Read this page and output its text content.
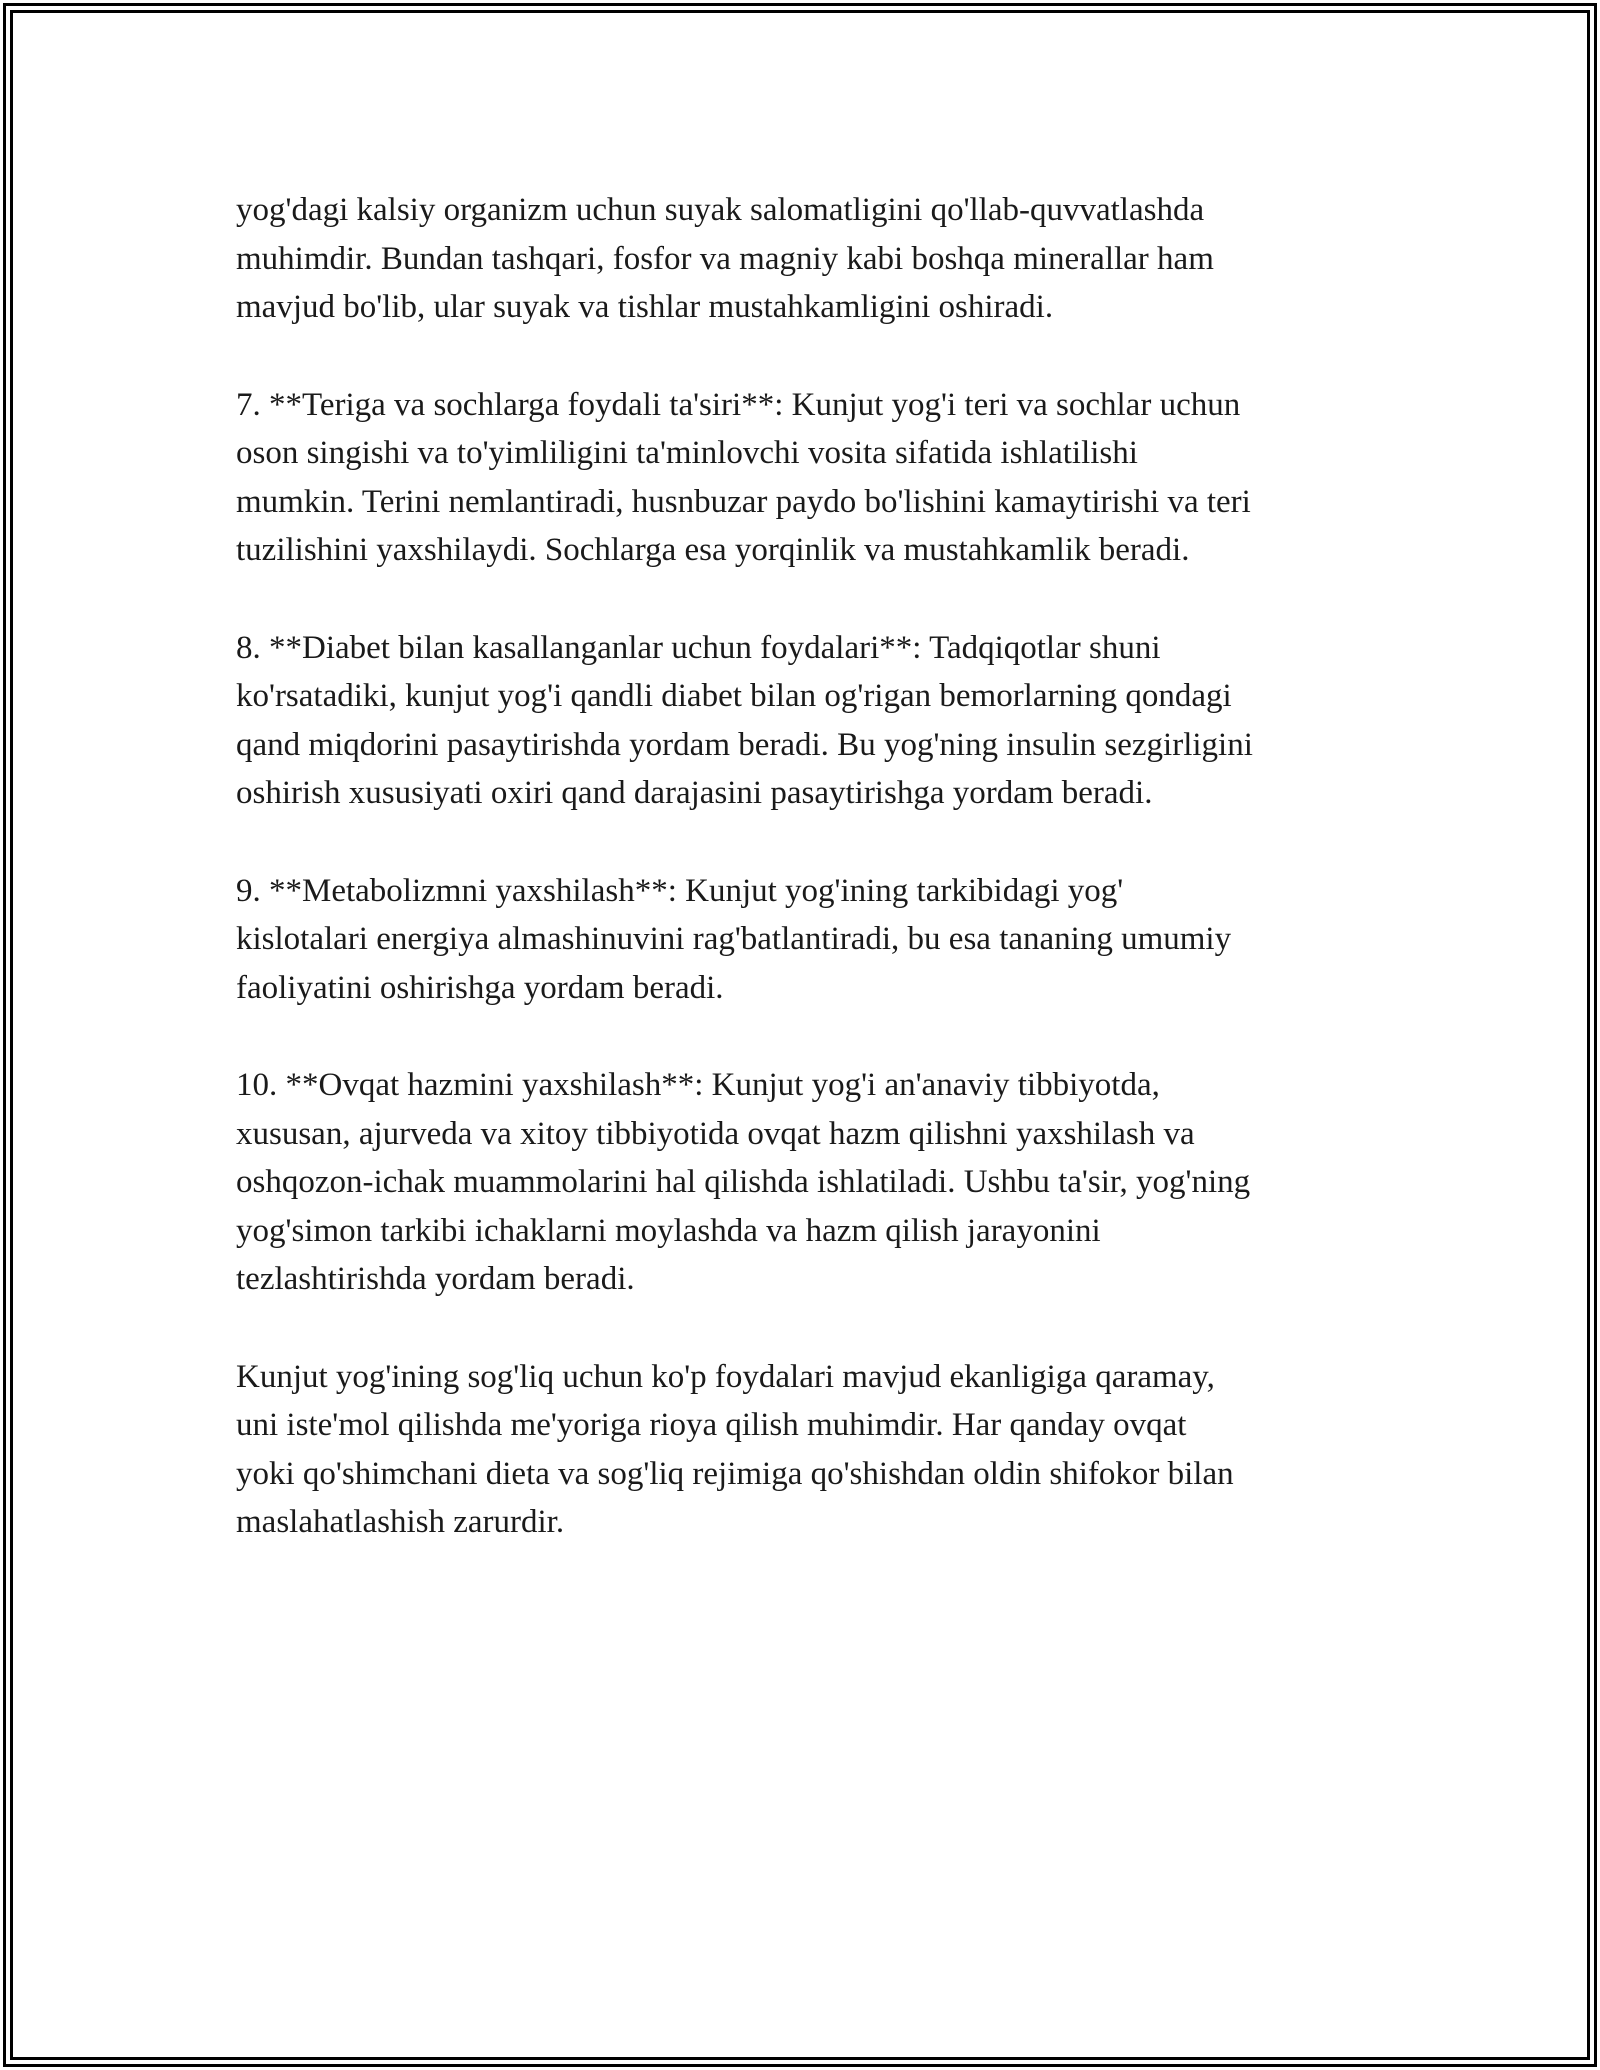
yog'dagi kalsiy organizm uchun suyak salomatligini qo'llab-quvvatlashda
muhimdir. Bundan tashqari, fosfor va magniy kabi boshqa minerallar ham
mavjud bo'lib, ular suyak va tishlar mustahkamligini oshiradi.

7. **Teriga va sochlarga foydali ta'siri**: Kunjut yog'i teri va sochlar uchun
oson singishi va to'yimliligini ta'minlovchi vosita sifatida ishlatilishi
mumkin. Terini nemlantiradi, husnbuzar paydo bo'lishini kamaytirishi va teri
tuzilishini yaxshilaydi. Sochlarga esa yorqinlik va mustahkamlik beradi.

8. **Diabet bilan kasallanganlar uchun foydalari**: Tadqiqotlar shuni
ko'rsatadiki, kunjut yog'i qandli diabet bilan og'rigan bemorlarning qondagi
qand miqdorini pasaytirishda yordam beradi. Bu yog'ning insulin sezgirligini
oshirish xususiyati oxiri qand darajasini pasaytirishga yordam beradi.

9. **Metabolizmni yaxshilash**: Kunjut yog'ining tarkibidagi yog'
kislotalari energiya almashinuvini rag'batlantiradi, bu esa tananing umumiy
faoliyatini oshirishga yordam beradi.

10. **Ovqat hazmini yaxshilash**: Kunjut yog'i an'anaviy tibbiyotda,
xususan, ajurveda va xitoy tibbiyotida ovqat hazm qilishni yaxshilash va
oshqozon-ichak muammolarini hal qilishda ishlatiladi. Ushbu ta'sir, yog'ning
yog'simon tarkibi ichaklarni moylashda va hazm qilish jarayonini
tezlashtirishda yordam beradi.

Kunjut yog'ining sog'liq uchun ko'p foydalari mavjud ekanligiga qaramay,
uni iste'mol qilishda me'yoriga rioya qilish muhimdir. Har qanday ovqat
yoki qo'shimchani dieta va sog'liq rejimiga qo'shishdan oldin shifokor bilan
maslahatlashish zarurdir.
